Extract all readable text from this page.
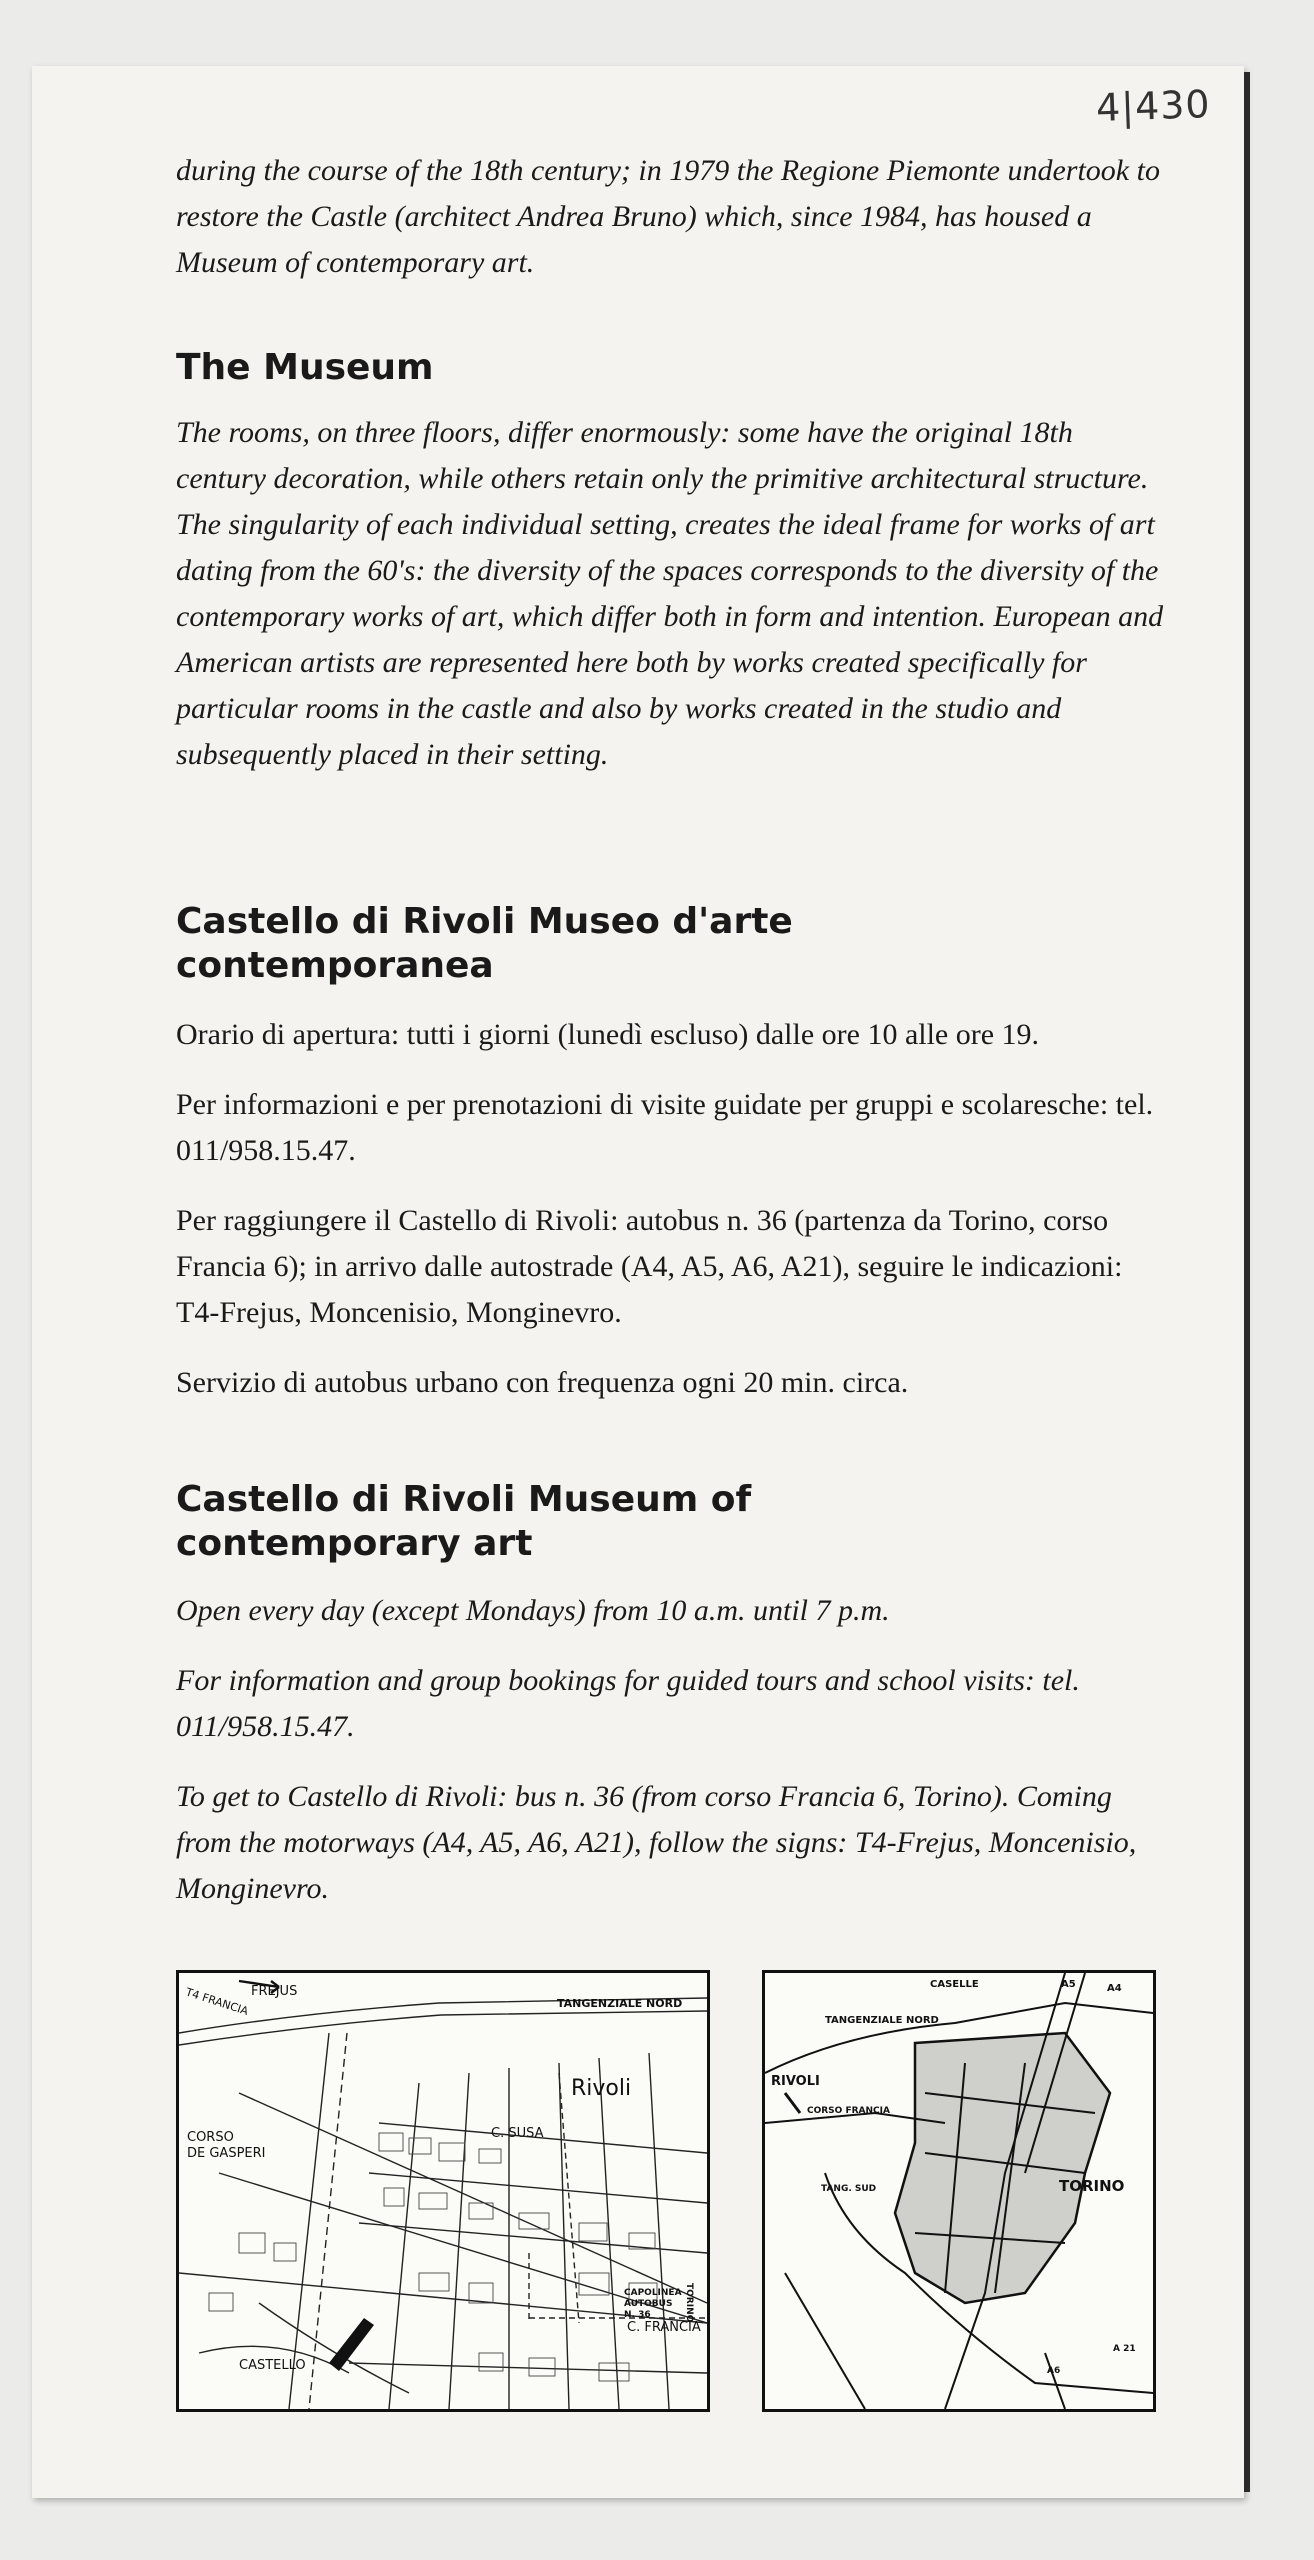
4|430
during the course of the 18th century; in 1979 the Regione Piemonte undertook to restore the Castle (architect Andrea Bruno) which, since 1984, has housed a Museum of contemporary art.
The Museum
The rooms, on three floors, differ enormously: some have the original 18th century decoration, while others retain only the primitive architectural structure. The singularity of each individual setting, creates the ideal frame for works of art dating from the 60's: the diversity of the spaces corresponds to the diversity of the contemporary works of art, which differ both in form and intention. European and American artists are represented here both by works created specifically for particular rooms in the castle and also by works created in the studio and subsequently placed in their setting.
Castello di Rivoli Museo d'arte contemporanea

Orario di apertura: tutti i giorni (lunedì escluso) dalle ore 10 alle ore 19.

Per informazioni e per prenotazioni di visite guidate per gruppi e scolaresche: tel. 011/958.15.47.

Per raggiungere il Castello di Rivoli: autobus n. 36 (partenza da Torino, corso Francia 6); in arrivo dalle autostrade (A4, A5, A6, A21), seguire le indicazioni: T4-Frejus, Moncenisio, Monginevro.

Servizio di autobus urbano con frequenza ogni 20 min. circa.

Castello di Rivoli Museum of contemporary art

Open every day (except Mondays) from 10 a.m. until 7 p.m.

For information and group bookings for guided tours and school visits: tel. 011/958.15.47.

To get to Castello di Rivoli: bus n. 36 (from corso Francia 6, Torino). Coming from the motorways (A4, A5, A6, A21), follow the signs: T4-Frejus, Moncenisio, Monginevro.

T4 FRANCIA FREJUS
TANGENZIALE NORD
Rivoli
CORSO
DE GASPERI
C. SUSA
CAPOLINEA
AUTOBUS
N. 36	TORINO
C. FRANCIA
CASTELLO
CASELLE	A5	A4
TANGENZIALE NORD
RIVOLI
CORSO FRANCIA
TANG. SUD	TORINO
A6
A 21
